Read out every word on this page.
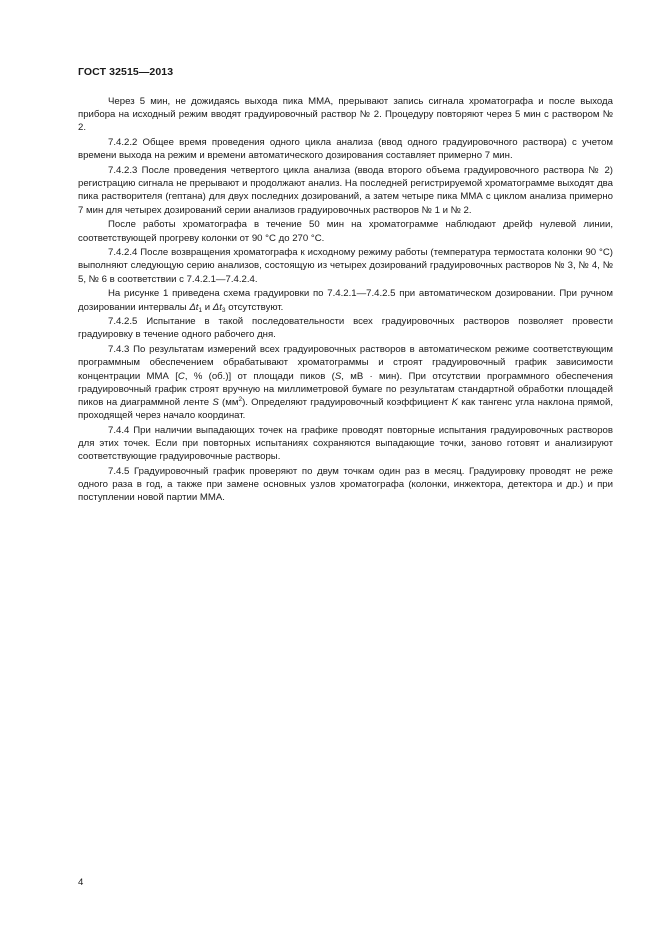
ГОСТ 32515—2013

Через 5 мин, не дожидаясь выхода пика ММА, прерывают запись сигнала хроматографа и после выхода прибора на исходный режим вводят градуировочный раствор № 2. Процедуру повторяют через 5 мин с раствором № 2.

7.4.2.2 Общее время проведения одного цикла анализа (ввод одного градуировочного раствора) с учетом времени выхода на режим и времени автоматического дозирования составляет примерно 7 мин.

7.4.2.3 После проведения четвертого цикла анализа (ввода второго объема градуировочного раствора № 2) регистрацию сигнала не прерывают и продолжают анализ. На последней регистрируемой хроматограмме выходят два пика растворителя (гептана) для двух последних дозирований, а затем четыре пика ММА с циклом анализа примерно 7 мин для четырех дозирований серии анализов градуировочных растворов № 1 и № 2.

После работы хроматографа в течение 50 мин на хроматограмме наблюдают дрейф нулевой линии, соответствующей прогреву колонки от 90 °С до 270 °С.

7.4.2.4 После возвращения хроматографа к исходному режиму работы (температура термостата колонки 90 °С) выполняют следующую серию анализов, состоящую из четырех дозирований градуировочных растворов № 3, № 4, № 5, № 6 в соответствии с 7.4.2.1—7.4.2.4.

На рисунке 1 приведена схема градуировки по 7.4.2.1—7.4.2.5 при автоматическом дозировании. При ручном дозировании интервалы $\Delta t_1$ и $\Delta t_3$ отсутствуют.

7.4.2.5 Испытание в такой последовательности всех градуировочных растворов позволяет провести градуировку в течение одного рабочего дня.

7.4.3 По результатам измерений всех градуировочных растворов в автоматическом режиме соответствующим программным обеспечением обрабатывают хроматограммы и строят градуировочный график зависимости концентрации ММА [С, % (об.)] от площади пиков (S, мВ · мин). При отсутствии программного обеспечения градуировочный график строят вручную на миллиметровой бумаге по результатам стандартной обработки площадей пиков на диаграммной ленте S $(мм^2)$. Определяют градуировочный коэффициент K как тангенс угла наклона прямой, проходящей через начало координат.

7.4.4 При наличии выпадающих точек на графике проводят повторные испытания градуировочных растворов для этих точек. Если при повторных испытаниях сохраняются выпадающие точки, заново готовят и анализируют соответствующие градуировочные растворы.

7.4.5 Градуировочный график проверяют по двум точкам один раз в месяц. Градуировку проводят не реже одного раза в год, а также при замене основных узлов хроматографа (колонки, инжектора, детектора и др.) и при поступлении новой партии ММА.

4
